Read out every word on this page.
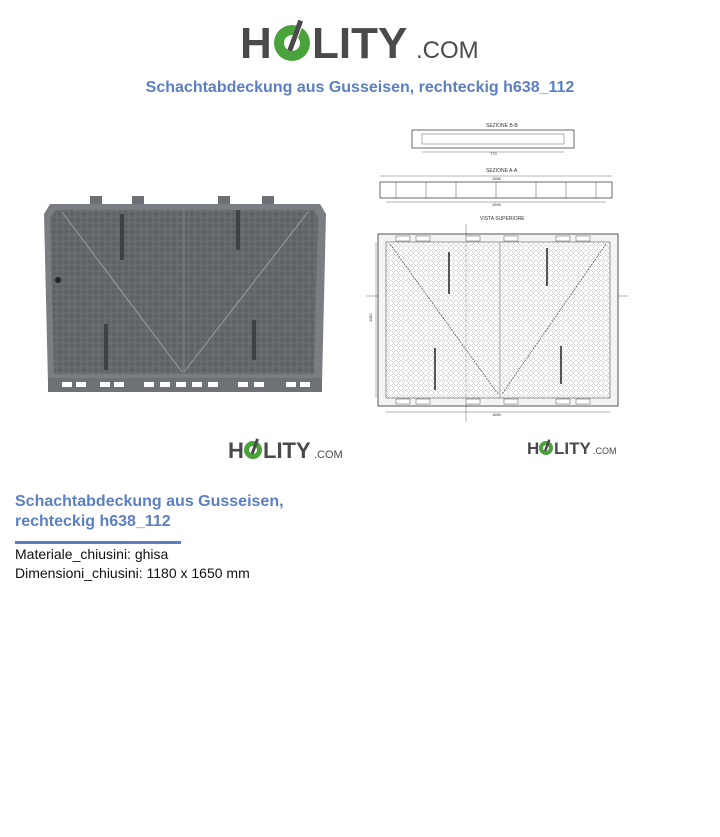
H LITY .COM
Schachtabdeckung aus Gusseisen, rechteckig h638_112
SEZIONE B-B
770
SEZIONE A-A
1556
1500
VISTA SUPERIORE
1180
1650
H LITY .COM	H LITY .COM
Schachtabdeckung aus Gusseisen,
rechteckig h638_112
Materiale_chiusini: ghisa
Dimensioni_chiusini: 1180 x 1650 mm
